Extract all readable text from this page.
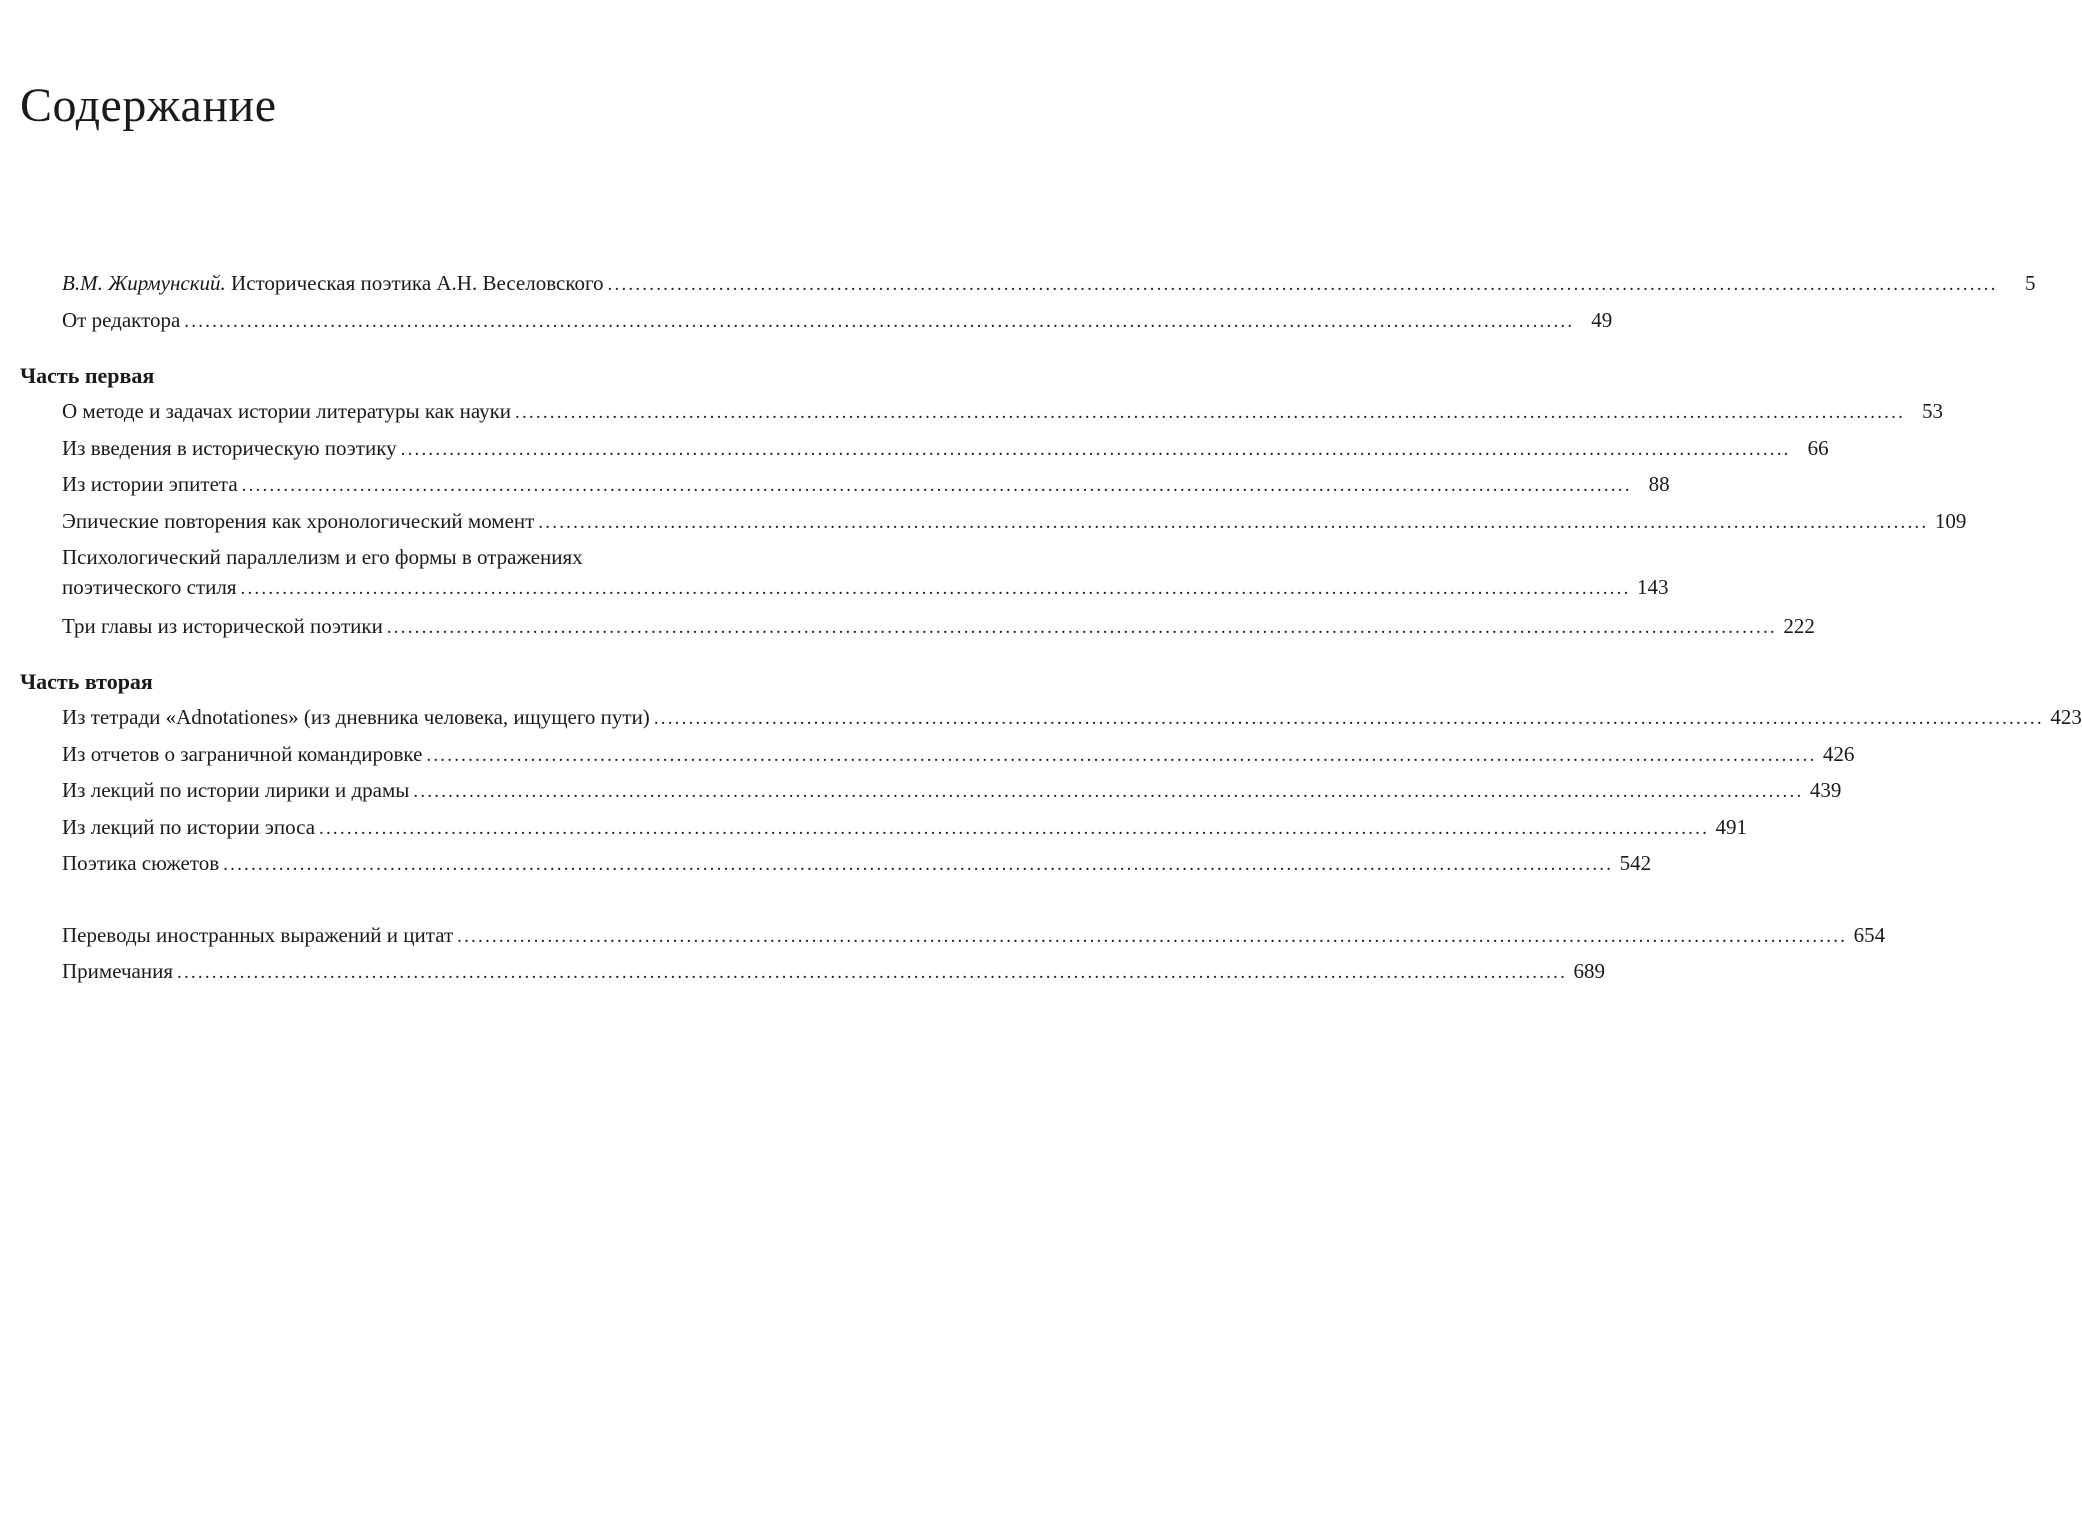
Содержание
В.М. Жирмунский. Историческая поэтика А.Н. Веселовского ........................................................................................................................................................................................................	5
От редактора ........................................................................................................................................................................................................ 49
Часть первая
О методе и задачах истории литературы как науки ........................................................................................................................................................................................................ 53
Из введения в историческую поэтику ........................................................................................................................................................................................................ 66
Из истории эпитета ........................................................................................................................................................................................................ 88
Эпические повторения как хронологический момент ........................................................................................................................................................................................................ 109
Психологический параллелизм и его формы в отражениях
поэтического стиля ........................................................................................................................................................................................................ 143
Три главы из исторической поэтики ........................................................................................................................................................................................................ 222
Часть вторая
Из тетради «Adnotationes» (из дневника человека, ищущего пути) ........................................................................................................................................................................................................ 423
Из отчетов о заграничной командировке ........................................................................................................................................................................................................ 426
Из лекций по истории лирики и драмы ........................................................................................................................................................................................................ 439
Из лекций по истории эпоса ........................................................................................................................................................................................................ 491
Поэтика сюжетов ........................................................................................................................................................................................................ 542
Переводы иностранных выражений и цитат ........................................................................................................................................................................................................ 654
Примечания ........................................................................................................................................................................................................ 689
